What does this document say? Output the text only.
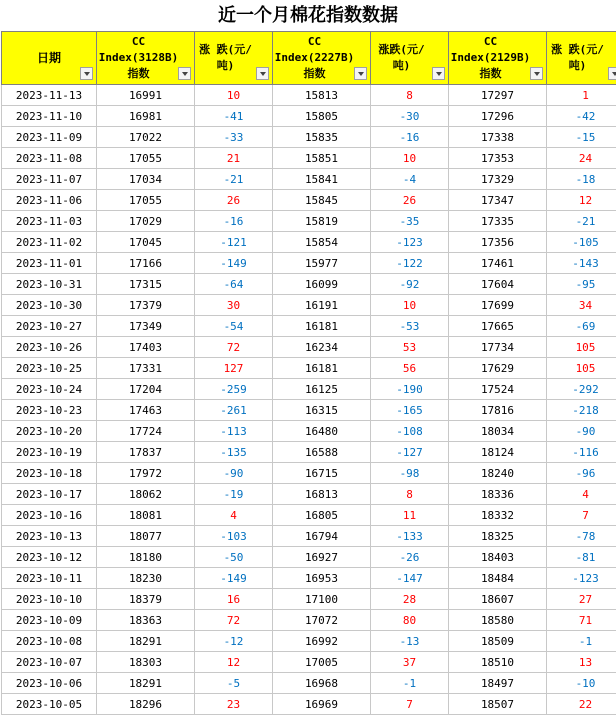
近一个月棉花指数数据
日期	CC
Index(3128B)
指数	涨 跌(元/
吨)	CC
Index(2227B)
指数	涨跌(元/
吨)	CC
Index(2129B)
指数	涨 跌(元/
吨)

2023-11-13	16991	10	15813	8	17297	1
2023-11-10	16981	-41	15805	-30	17296	-42
2023-11-09	17022	-33	15835	-16	17338	-15
2023-11-08	17055	21	15851	10	17353	24
2023-11-07	17034	-21	15841	-4	17329	-18
2023-11-06	17055	26	15845	26	17347	12
2023-11-03	17029	-16	15819	-35	17335	-21
2023-11-02	17045	-121	15854	-123	17356	-105
2023-11-01	17166	-149	15977	-122	17461	-143
2023-10-31	17315	-64	16099	-92	17604	-95
2023-10-30	17379	30	16191	10	17699	34
2023-10-27	17349	-54	16181	-53	17665	-69
2023-10-26	17403	72	16234	53	17734	105
2023-10-25	17331	127	16181	56	17629	105
2023-10-24	17204	-259	16125	-190	17524	-292
2023-10-23	17463	-261	16315	-165	17816	-218
2023-10-20	17724	-113	16480	-108	18034	-90
2023-10-19	17837	-135	16588	-127	18124	-116
2023-10-18	17972	-90	16715	-98	18240	-96
2023-10-17	18062	-19	16813	8	18336	4
2023-10-16	18081	4	16805	11	18332	7
2023-10-13	18077	-103	16794	-133	18325	-78
2023-10-12	18180	-50	16927	-26	18403	-81
2023-10-11	18230	-149	16953	-147	18484	-123
2023-10-10	18379	16	17100	28	18607	27
2023-10-09	18363	72	17072	80	18580	71
2023-10-08	18291	-12	16992	-13	18509	-1
2023-10-07	18303	12	17005	37	18510	13
2023-10-06	18291	-5	16968	-1	18497	-10
2023-10-05	18296	23	16969	7	18507	22
